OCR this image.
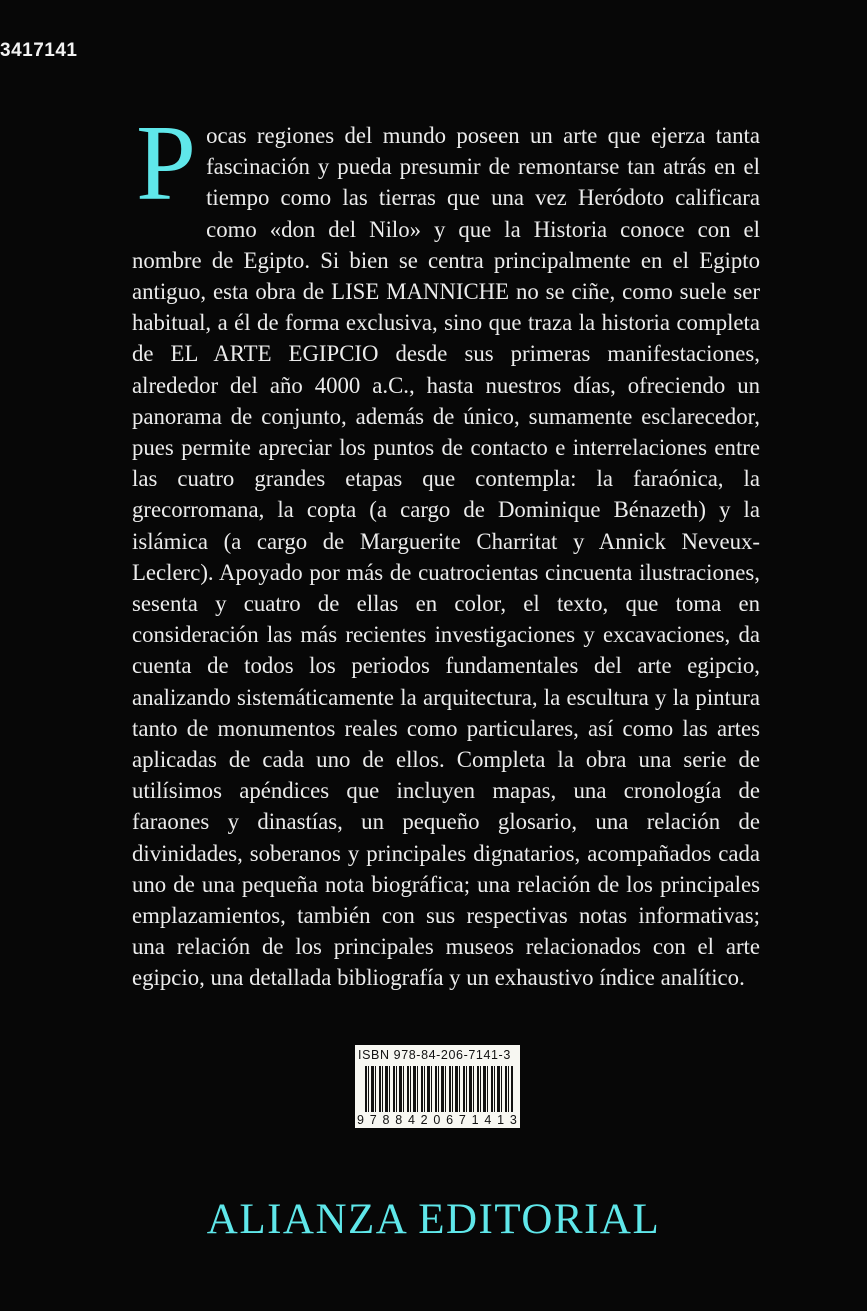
3417141

Pocas regiones del mundo poseen un arte que ejerza tanta fascinación y pueda presumir de remontarse tan atrás en el tiempo como las tierras que una vez Heródoto calificara como «don del Nilo» y que la Historia conoce con el nombre de Egipto. Si bien se centra principalmente en el Egipto antiguo, esta obra de LISE MANNICHE no se ciñe, como suele ser habitual, a él de forma exclusiva, sino que traza la historia completa de EL ARTE EGIPCIO desde sus primeras manifestaciones, alrededor del año 4000 a.C., hasta nuestros días, ofreciendo un panorama de conjunto, además de único, sumamente esclarecedor, pues permite apreciar los puntos de contacto e interrelaciones entre las cuatro grandes etapas que contempla: la faraónica, la grecorromana, la copta (a cargo de Dominique Bénazeth) y la islámica (a cargo de Marguerite Charritat y Annick Neveux-Leclerc). Apoyado por más de cuatrocientas cincuenta ilustraciones, sesenta y cuatro de ellas en color, el texto, que toma en consideración las más recientes investigaciones y excavaciones, da cuenta de todos los periodos fundamentales del arte egipcio, analizando sistemáticamente la arquitectura, la escultura y la pintura tanto de monumentos reales como particulares, así como las artes aplicadas de cada uno de ellos. Completa la obra una serie de utilísimos apéndices que incluyen mapas, una cronología de faraones y dinastías, un pequeño glosario, una relación de divinidades, soberanos y principales dignatarios, acompañados cada uno de una pequeña nota biográfica; una relación de los principales emplazamientos, también con sus respectivas notas informativas; una relación de los principales museos relacionados con el arte egipcio, una detallada bibliografía y un exhaustivo índice analítico.

ISBN 978-84-206-7141-3
9 7 8 8 4 2 0 6 7 1 4 1 3
ALIANZA EDITORIAL
